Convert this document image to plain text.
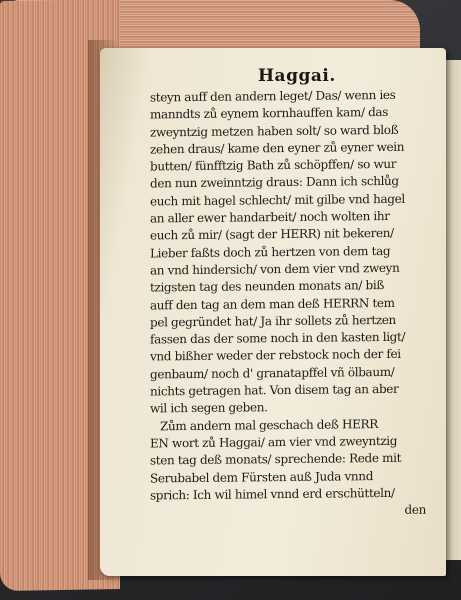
Haggai.
steyn auff den andern leget/ Das/ wenn ies
manndts zů eynem kornhauffen kam/ das
zweyntzig metzen haben solt/ so ward bloß
zehen draus/ kame den eyner zů eyner wein
butten/ fünfftzig Bath zů schöpffen/ so wur
den nun zweinntzig draus: Dann ich schlůg
euch mit hagel schlecht/ mit gilbe vnd hagel
an aller ewer handarbeit/ noch wolten ihr
euch zů mir/ (sagt der HERR) nit bekeren/
Lieber faßts doch zů hertzen von dem tag
an vnd hindersich/ von dem vier vnd zweyn
tzigsten tag des neunden monats an/ biß
auff den tag an dem man deß HERRN tem
pel gegründet hat/ Ja ihr sollets zů hertzen
fassen das der some noch in den kasten ligt/
vnd bißher weder der rebstock noch der fei
genbaum/ noch d' granatapffel vñ ölbaum/
nichts getragen hat. Von disem tag an aber
wil ich segen geben.
Zům andern mal geschach deß HERR
EN wort zů Haggai/ am vier vnd zweyntzig
sten tag deß monats/ sprechende: Rede mit
Serubabel dem Fürsten auß Juda vnnd
sprich: Ich wil himel vnnd erd erschütteln/
den
